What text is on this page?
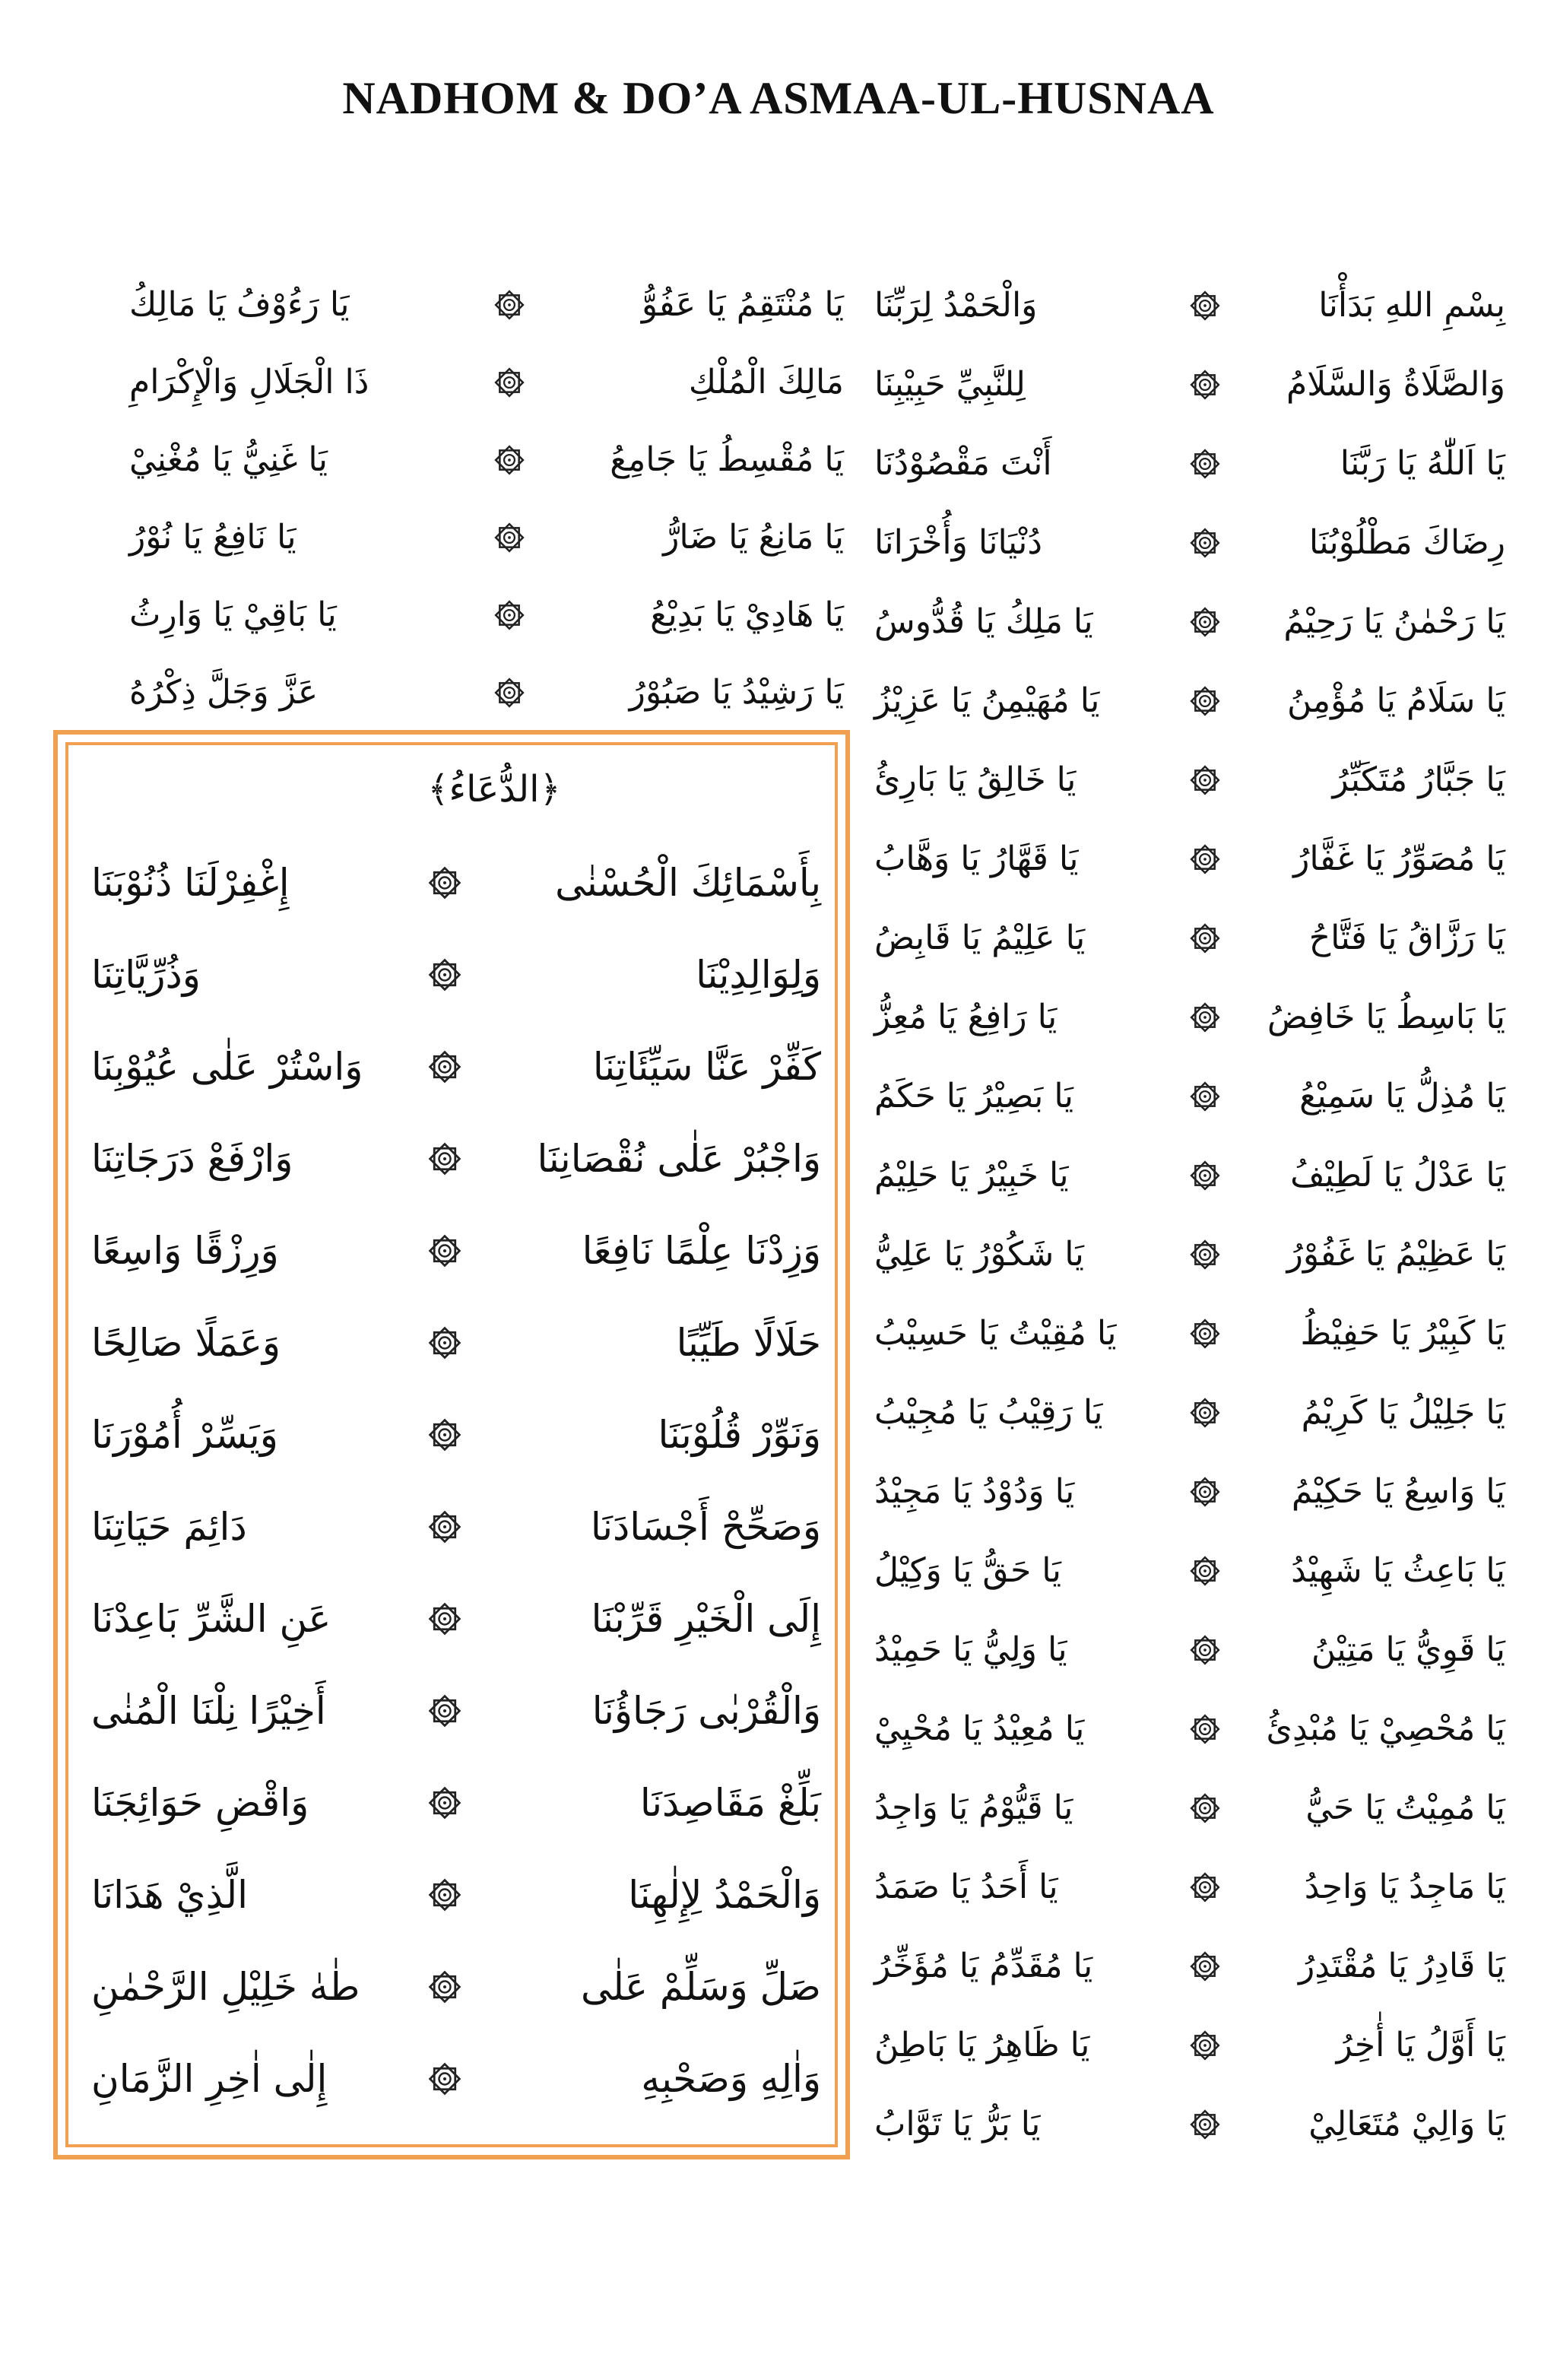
NADHOM & DO’A ASMAA-UL-HUSNAA
بِسْمِ اللهِ بَدَأْنَا
وَالْحَمْدُ لِرَبِّنَا
وَالصَّلَاةُ وَالسَّلَامُ
لِلنَّبِيِّ حَبِيْبِنَا
يَا اَللّٰهُ يَا رَبَّنَا
أَنْتَ مَقْصُوْدُنَا
رِضَاكَ مَطْلُوْبُنَا
دُنْيَانَا وَأُخْرَانَا
يَا رَحْمٰنُ يَا رَحِيْمُ
يَا مَلِكُ يَا قُدُّوسُ
يَا سَلَامُ يَا مُؤْمِنُ
يَا مُهَيْمِنُ يَا عَزِيْزُ
يَا جَبَّارُ مُتَكَبِّرُ
يَا خَالِقُ يَا بَارِئُ
يَا مُصَوِّرُ يَا غَفَّارُ
يَا قَهَّارُ يَا وَهَّابُ
يَا رَزَّاقُ يَا فَتَّاحُ
يَا عَلِيْمُ يَا قَابِضُ
يَا بَاسِطُ يَا خَافِضُ
يَا رَافِعُ يَا مُعِزُّ
يَا مُذِلُّ يَا سَمِيْعُ
يَا بَصِيْرُ يَا حَكَمُ
يَا عَدْلُ يَا لَطِيْفُ
يَا خَبِيْرُ يَا حَلِيْمُ
يَا عَظِيْمُ يَا غَفُوْرُ
يَا شَكُوْرُ يَا عَلِيُّ
يَا كَبِيْرُ يَا حَفِيْظُ
يَا مُقِيْتُ يَا حَسِيْبُ
يَا جَلِيْلُ يَا كَرِيْمُ
يَا رَقِيْبُ يَا مُجِيْبُ
يَا وَاسِعُ يَا حَكِيْمُ
يَا وَدُوْدُ يَا مَجِيْدُ
يَا بَاعِثُ يَا شَهِيْدُ
يَا حَقُّ يَا وَكِيْلُ
يَا قَوِيُّ يَا مَتِيْنُ
يَا وَلِيُّ يَا حَمِيْدُ
يَا مُحْصِيْ يَا مُبْدِئُ
يَا مُعِيْدُ يَا مُحْيِيْ
يَا مُمِيْتُ يَا حَيُّ
يَا قَيُّوْمُ يَا وَاجِدُ
يَا مَاجِدُ يَا وَاحِدُ
يَا أَحَدُ يَا صَمَدُ
يَا قَادِرُ يَا مُقْتَدِرُ
يَا مُقَدِّمُ يَا مُؤَخِّرُ
يَا أَوَّلُ يَا أٰخِرُ
يَا ظَاهِرُ يَا بَاطِنُ
يَا وَالِيْ مُتَعَالِيْ
يَا بَرُّ يَا تَوَّابُ
يَا مُنْتَقِمُ يَا عَفُوُّ
يَا رَءُوْفُ يَا مَالِكُ
مَالِكَ الْمُلْكِ
ذَا الْجَلَالِ وَالْإِكْرَامِ
يَا مُقْسِطُ يَا جَامِعُ
يَا غَنِيُّ يَا مُغْنِيْ
يَا مَانِعُ يَا ضَارُّ
يَا نَافِعُ يَا نُوْرُ
يَا هَادِيْ يَا بَدِيْعُ
يَا بَاقِيْ يَا وَارِثُ
يَا رَشِيْدُ يَا صَبُوْرُ
عَزَّ وَجَلَّ ذِكْرُهُ
﴿الدُّعَاءُ﴾
بِأَسْمَائِكَ الْحُسْنٰى
إِغْفِرْلَنَا ذُنُوْبَنَا
وَلِوَالِدِيْنَا
وَذُرِّيَّاتِنَا
كَفِّرْ عَنَّا سَيِّئَاتِنَا
وَاسْتُرْ عَلٰى عُيُوْبِنَا
وَاجْبُرْ عَلٰى نُقْصَانِنَا
وَارْفَعْ دَرَجَاتِنَا
وَزِدْنَا عِلْمًا نَافِعًا
وَرِزْقًا وَاسِعًا
حَلَالًا طَيِّبًا
وَعَمَلًا صَالِحًا
وَنَوِّرْ قُلُوْبَنَا
وَيَسِّرْ أُمُوْرَنَا
وَصَحِّحْ أَجْسَادَنَا
دَائِمَ حَيَاتِنَا
إِلَى الْخَيْرِ قَرِّبْنَا
عَنِ الشَّرِّ بَاعِدْنَا
وَالْقُرْبٰى رَجَاؤُنَا
أَخِيْرًا نِلْنَا الْمُنٰى
بَلِّغْ مَقَاصِدَنَا
وَاقْضِ حَوَائِجَنَا
وَالْحَمْدُ لِإِلٰهِنَا
الَّذِيْ هَدَانَا
صَلِّ وَسَلِّمْ عَلٰى
طٰهٰ خَلِيْلِ الرَّحْمٰنِ
وَاٰلِهِ وَصَحْبِهِ
إِلٰى اٰخِرِ الزَّمَانِ
